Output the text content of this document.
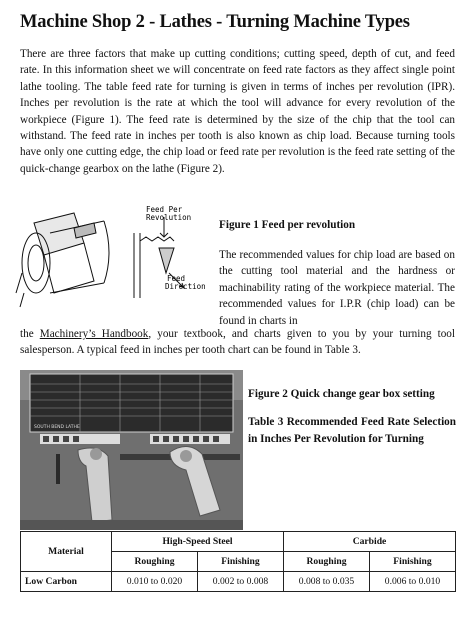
Machine Shop 2 - Lathes - Turning Machine Types
There are three factors that make up cutting conditions; cutting speed, depth of cut, and feed rate. In this information sheet we will concentrate on feed rate factors as they affect single point lathe tooling. The table feed rate for turning is given in terms of inches per revolution (IPR). Inches per revolution is the rate at which the tool will advance for every revolution of the workpiece (Figure 1). The feed rate is determined by the size of the chip that the tool can withstand. The feed rate in inches per tooth is also known as chip load. Because turning tools have only one cutting edge, the chip load or feed rate per revolution is the feed rate setting of the quick-change gearbox on the lathe (Figure 2).
Feed Per
Revolution
Feed
Direction
Figure 1 Feed per revolution
The recommended values for chip load are based on the cutting tool material and the hardness or machinability rating of the workpiece material. The recommended values for I.P.R (chip load) can be found in charts in
the Machinery’s Handbook, your textbook, and charts given to you by your turning tool salesperson. A typical feed in inches per tooth chart can be found in Table 3.
SOUTH BEND LATHE
Figure 2 Quick change gear box setting
Table 3 Recommended Feed Rate Selection in Inches Per Revolution for Turning
Material	High-Speed Steel		Carbide	
	Roughing	Finishing	Roughing	Finishing
Low Carbon	0.010 to 0.020	0.002 to 0.008	0.008 to 0.035	0.006 to 0.010
